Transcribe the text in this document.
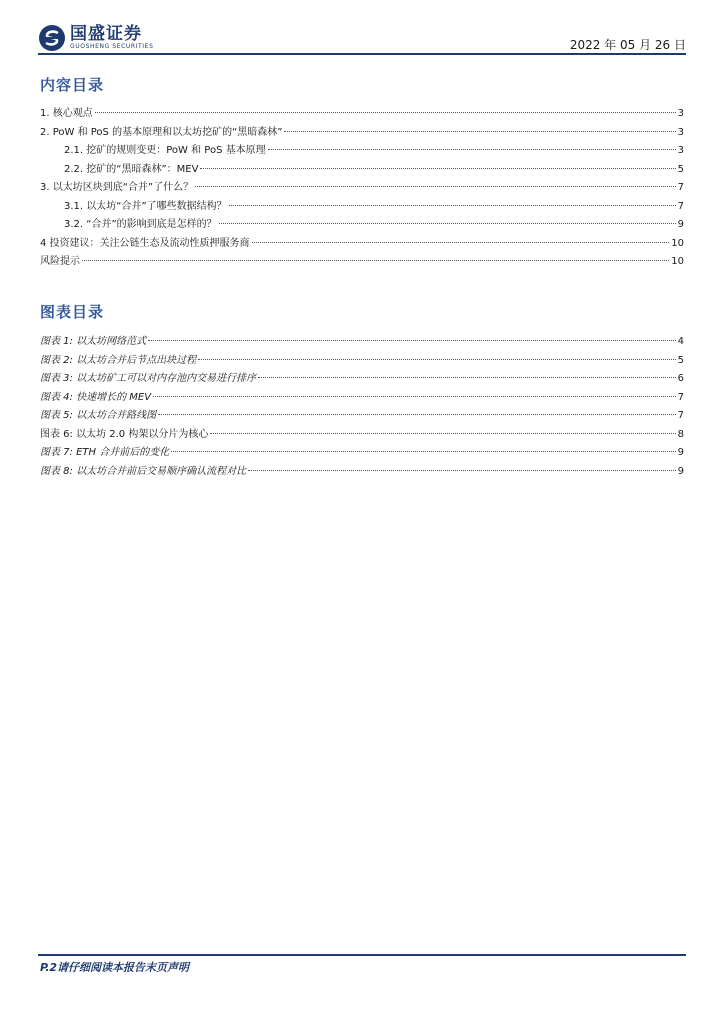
国盛证券
GUOSHENG SECURITIES	2022 年 05 月 26 日
内容目录
1. 核心观点	3
2. PoW 和 PoS 的基本原理和以太坊挖矿的“黑暗森林”	3
2.1. 挖矿的规则变更：PoW 和 PoS 基本原理	3
2.2. 挖矿的“黑暗森林”：MEV	5
3. 以太坊区块到底“合并”了什么？	7
3.1. 以太坊“合并”了哪些数据结构？	7
3.2. “合并”的影响到底是怎样的？	9
4 投资建议：关注公链生态及流动性质押服务商	10
风险提示	10
图表目录
图表 1: 以太坊网络范式	4
图表 2: 以太坊合并后节点出块过程	5
图表 3: 以太坊矿工可以对内存池内交易进行排序	6
图表 4: 快速增长的 MEV	7
图表 5: 以太坊合并路线图	7
图表 6: 以太坊 2.0 构架以分片为核心	8
图表 7: ETH 合并前后的变化	9
图表 8: 以太坊合并前后交易顺序确认流程对比	9
P.2请仔细阅读本报告末页声明
